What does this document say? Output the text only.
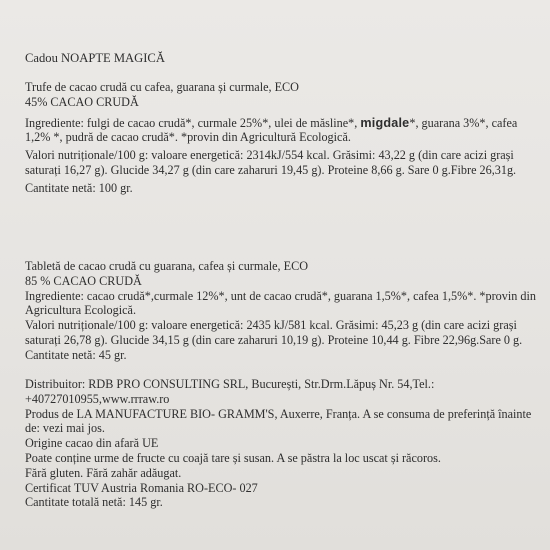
Cadou NOAPTE MAGICĂ

Trufe de cacao crudă cu cafea, guarana și curmale, ECO

45% CACAO CRUDĂ

Ingrediente: fulgi de cacao crudă*, curmale 25%*, ulei de măsline*, migdale*, guarana 3%*, cafea 1,2% *, pudră de cacao crudă*. *provin din Agricultură Ecologică.

Valori nutriționale/100 g: valoare energetică: 2314kJ/554 kcal. Grăsimi: 43,22 g (din care acizi grași saturați 16,27 g). Glucide 34,27 g (din care zaharuri 19,45 g). Proteine 8,66 g. Sare 0 g.Fibre 26,31g.

Cantitate netă: 100 gr.

Tabletă de cacao crudă cu guarana, cafea și curmale, ECO

85 % CACAO CRUDĂ

Ingrediente: cacao crudă*,curmale 12%*, unt de cacao crudă*, guarana 1,5%*, cafea 1,5%*. *provin din Agricultura Ecologică.

Valori nutriționale/100 g: valoare energetică: 2435 kJ/581 kcal. Grăsimi: 45,23 g (din care acizi grași saturați 26,78 g). Glucide 34,15 g (din care zaharuri 10,19 g). Proteine 10,44 g. Fibre 22,96g.Sare 0 g.

Cantitate netă: 45 gr.

Distribuitor: RDB PRO CONSULTING SRL, București, Str.Drm.Lăpuș Nr. 54,Tel.: +40727010955,www.rrraw.ro

Produs de LA MANUFACTURE BIO- GRAMM'S, Auxerre, Franța. A se consuma de preferință înainte de: vezi mai jos.

Origine cacao din afară UE

Poate conține urme de fructe cu coajă tare și susan. A se păstra la loc uscat și răcoros.

Fără gluten. Fără zahăr adăugat.

Certificat TUV Austria Romania RO-ECO- 027

Cantitate totală netă: 145 gr.
